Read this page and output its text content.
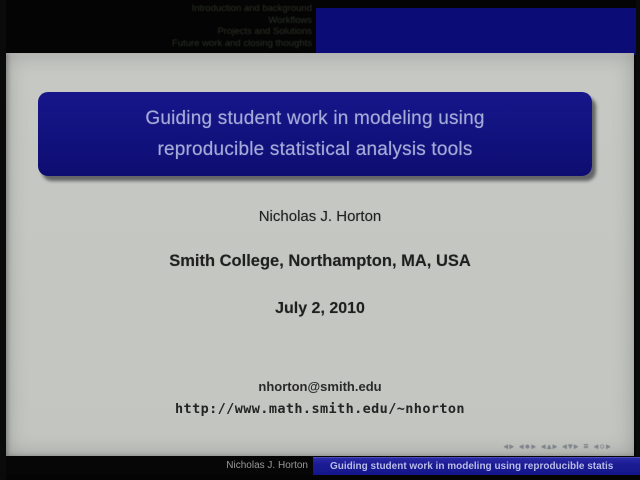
Introduction and background
Workflows
Projects and Solutions
Future work and closing thoughts
Guiding student work in modeling using
reproducible statistical analysis tools
Nicholas J. Horton
Smith College, Northampton, MA, USA
July 2, 2010
nhorton@smith.edu
http://www.math.smith.edu/~nhorton
◂▸ ◂●▸ ◂▴▸ ◂▾▸ ≡ ◂○▸
Nicholas J. Horton	Guiding student work in modeling using reproducible statis
